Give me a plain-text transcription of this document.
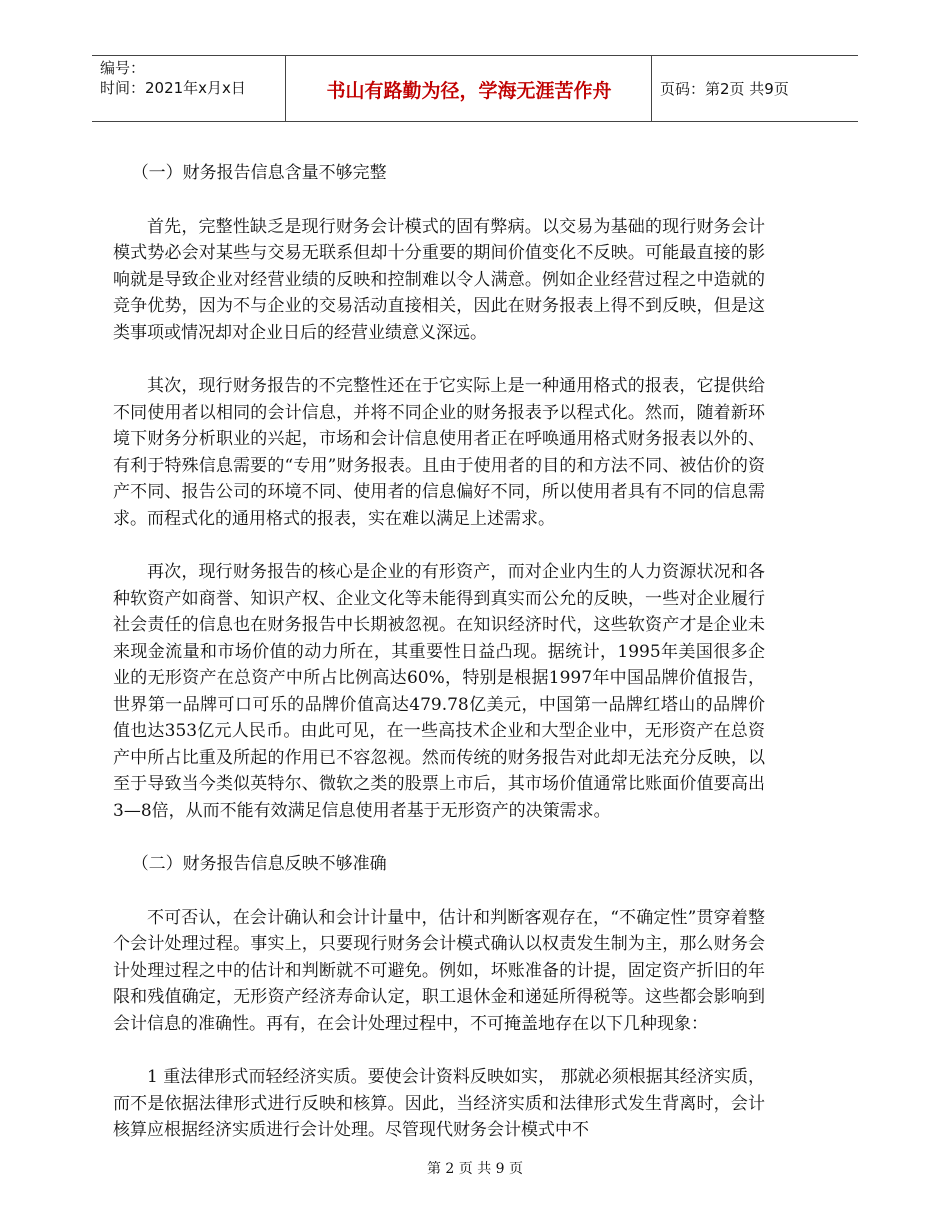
编号：
时间：2021年x月x日	书山有路勤为径，学海无涯苦作舟	页码：第2页 共9页

（一）财务报告信息含量不够完整

首先，完整性缺乏是现行财务会计模式的固有弊病。以交易为基础的现行财务会计模式势必会对某些与交易无联系但却十分重要的期间价值变化不反映。可能最直接的影响就是导致企业对经营业绩的反映和控制难以令人满意。例如企业经营过程之中造就的竞争优势，因为不与企业的交易活动直接相关，因此在财务报表上得不到反映，但是这类事项或情况却对企业日后的经营业绩意义深远。

其次，现行财务报告的不完整性还在于它实际上是一种通用格式的报表，它提供给不同使用者以相同的会计信息，并将不同企业的财务报表予以程式化。然而，随着新环境下财务分析职业的兴起，市场和会计信息使用者正在呼唤通用格式财务报表以外的、有利于特殊信息需要的“专用”财务报表。且由于使用者的目的和方法不同、被估价的资产不同、报告公司的环境不同、使用者的信息偏好不同，所以使用者具有不同的信息需求。而程式化的通用格式的报表，实在难以满足上述需求。

再次，现行财务报告的核心是企业的有形资产，而对企业内生的人力资源状况和各种软资产如商誉、知识产权、企业文化等未能得到真实而公允的反映，一些对企业履行社会责任的信息也在财务报告中长期被忽视。在知识经济时代，这些软资产才是企业未来现金流量和市场价值的动力所在，其重要性日益凸现。据统计，1995年美国很多企业的无形资产在总资产中所占比例高达60%，特别是根据1997年中国品牌价值报告，世界第一品牌可口可乐的品牌价值高达479.78亿美元，中国第一品牌红塔山的品牌价值也达353亿元人民币。由此可见，在一些高技术企业和大型企业中，无形资产在总资产中所占比重及所起的作用已不容忽视。然而传统的财务报告对此却无法充分反映，以至于导致当今类似英特尔、微软之类的股票上市后，其市场价值通常比账面价值要高出3—8倍，从而不能有效满足信息使用者基于无形资产的决策需求。

（二）财务报告信息反映不够准确

不可否认，在会计确认和会计计量中，估计和判断客观存在，“不确定性”贯穿着整个会计处理过程。事实上，只要现行财务会计模式确认以权责发生制为主，那么财务会计处理过程之中的估计和判断就不可避免。例如，坏账准备的计提，固定资产折旧的年限和残值确定，无形资产经济寿命认定，职工退休金和递延所得税等。这些都会影响到会计信息的准确性。再有，在会计处理过程中，不可掩盖地存在以下几种现象：

1 重法律形式而轻经济实质。要使会计资料反映如实， 那就必须根据其经济实质，而不是依据法律形式进行反映和核算。因此，当经济实质和法律形式发生背离时，会计核算应根据经济实质进行会计处理。尽管现代财务会计模式中不

第 2 页 共 9 页
